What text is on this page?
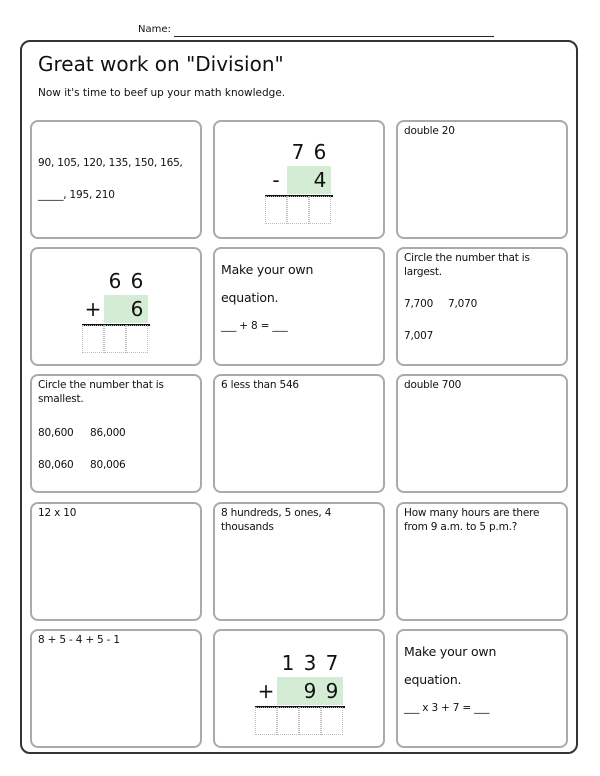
Name:
Great work on "Division"
Now it's time to beef up your math knowledge.
90, 105, 120, 135, 150, 165,
_____, 195, 210
7 6
-	4
double 20
6 6
+ 6
Make your own
equation.
___ + 8 = ___
Circle the number that is largest.
7,700 7,070
7,007
Circle the number that is smallest.
80,600 86,000
80,060 80,006
6 less than 546	double 700
12 x 10	8 hundreds, 5 ones, 4 thousands
How many hours are there from 9 a.m. to 5 p.m.?
8 + 5 - 4 + 5 - 1
1 3 7
+ 9 9
Make your own
equation.
___ x 3 + 7 = ___
